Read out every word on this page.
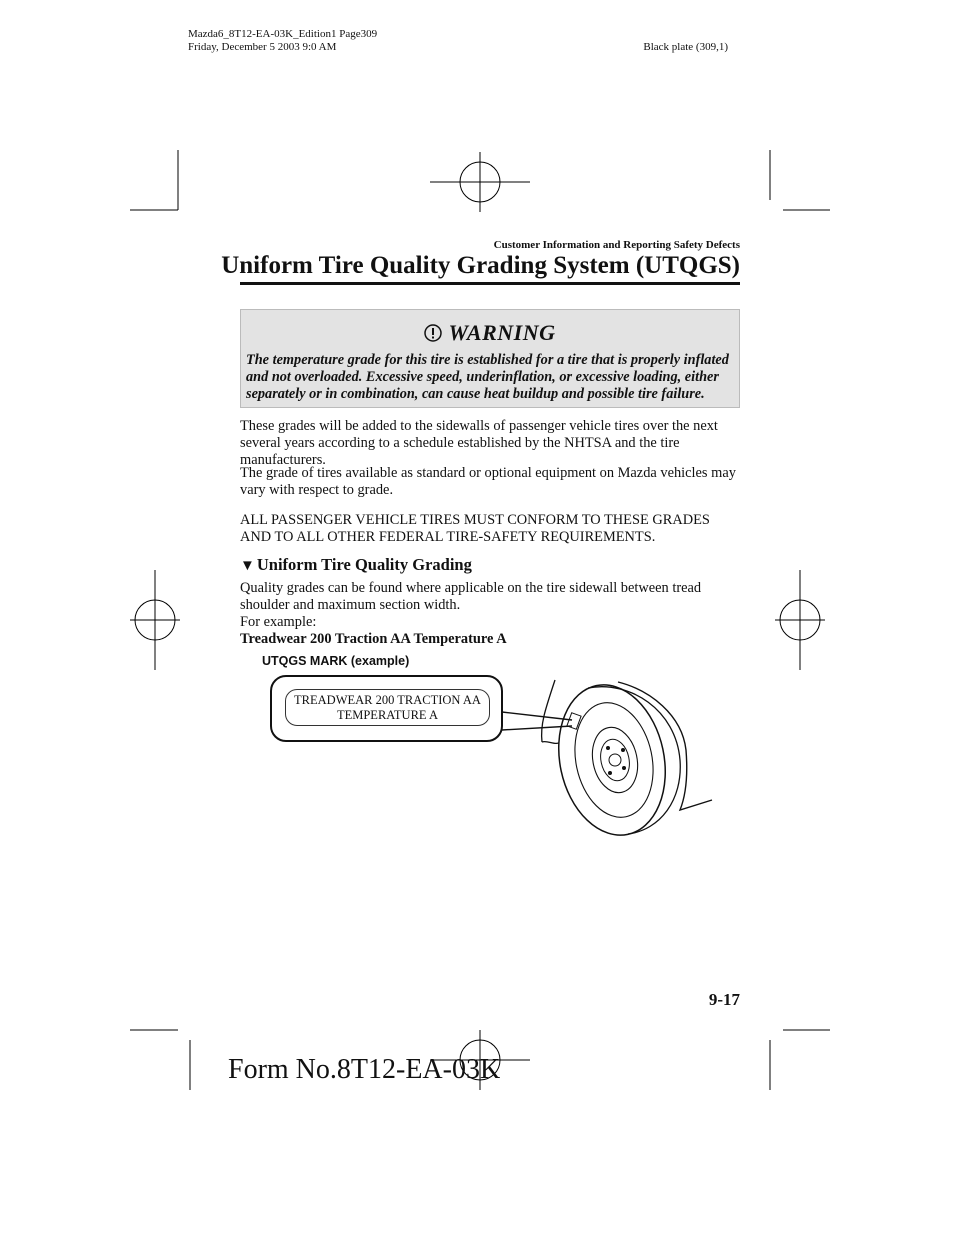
Mazda6_8T12-EA-03K_Edition1 Page309
Friday, December 5 2003 9:0 AM	Black plate (309,1)
Customer Information and Reporting Safety Defects
Uniform Tire Quality Grading System (UTQGS)
WARNING
The temperature grade for this tire is established for a tire that is properly inflated and not overloaded. Excessive speed, underinflation, or excessive loading, either separately or in combination, can cause heat buildup and possible tire failure.
These grades will be added to the sidewalls of passenger vehicle tires over the next several years according to a schedule established by the NHTSA and the tire manufacturers.
The grade of tires available as standard or optional equipment on Mazda vehicles may vary with respect to grade.
ALL PASSENGER VEHICLE TIRES MUST CONFORM TO THESE GRADES AND TO ALL OTHER FEDERAL TIRE-SAFETY REQUIREMENTS.
▼ Uniform Tire Quality Grading
Quality grades can be found where applicable on the tire sidewall between tread shoulder and maximum section width.
For example:
Treadwear 200 Traction AA Temperature A
UTQGS MARK (example)
TREADWEAR 200 TRACTION AA
TEMPERATURE A
9-17
Form No.8T12-EA-03K
